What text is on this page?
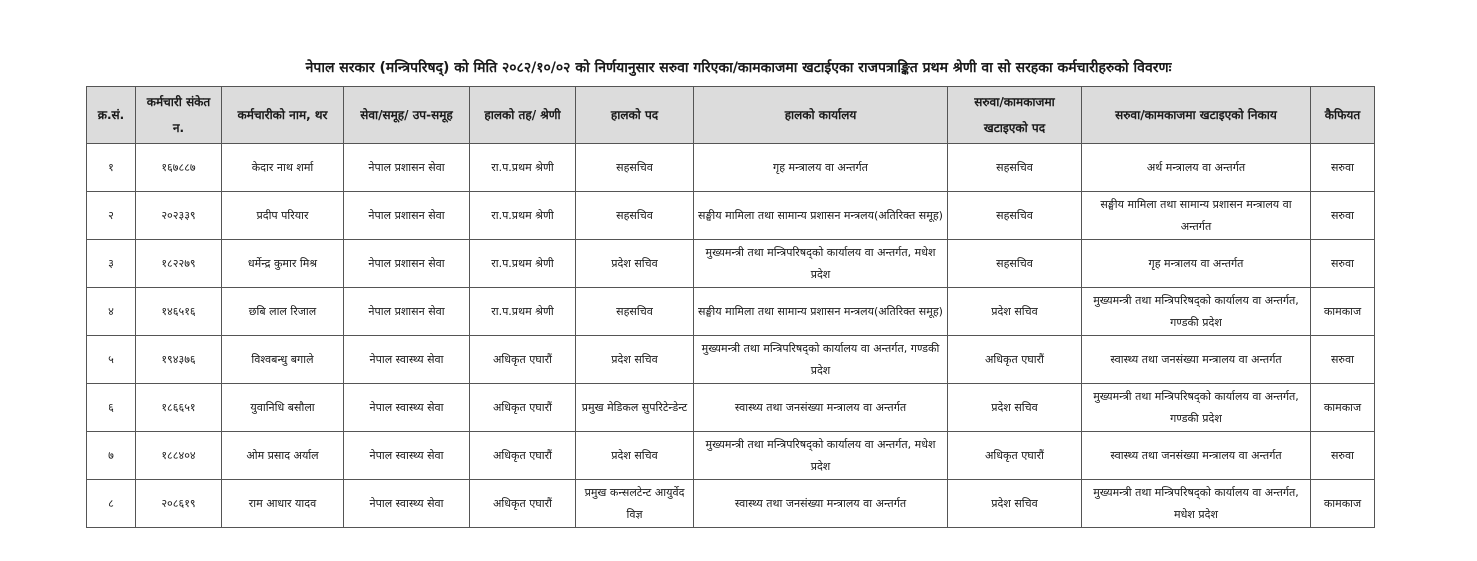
नेपाल सरकार (मन्त्रिपरिषद्) को मिति २०८२/१०/०२ को निर्णयानुसार सरुवा गरिएका/कामकाजमा खटाईएका राजपत्राङ्कित प्रथम श्रेणी वा सो सरहका कर्मचारीहरुको विवरणः
क्र.सं.	कर्मचारी संकेत न.	कर्मचारीको नाम, थर	सेवा/समूह/ उप-समूह	हालको तह/ श्रेणी	हालको पद	हालको कार्यालय	सरुवा/कामकाजमा खटाइएको पद	सरुवा/कामकाजमा खटाइएको निकाय	कैफियत
१	१६७८८७	केदार नाथ शर्मा	नेपाल प्रशासन सेवा	रा.प.प्रथम श्रेणी	सहसचिव	गृह मन्त्रालय वा अन्तर्गत	सहसचिव	अर्थ मन्त्रालय वा अन्तर्गत	सरुवा
२	२०२३३९	प्रदीप परियार	नेपाल प्रशासन सेवा	रा.प.प्रथम श्रेणी	सहसचिव	सङ्घीय मामिला तथा सामान्य प्रशासन मन्त्रलय(अतिरिक्त समूह)	सहसचिव	सङ्घीय मामिला तथा सामान्य प्रशासन मन्त्रालय वा अन्तर्गत	सरुवा
३	१८२२७९	धर्मेन्द्र कुमार मिश्र	नेपाल प्रशासन सेवा	रा.प.प्रथम श्रेणी	प्रदेश सचिव	मुख्यमन्त्री तथा मन्त्रिपरिषद्को कार्यालय वा अन्तर्गत, मधेश प्रदेश	सहसचिव	गृह मन्त्रालय वा अन्तर्गत	सरुवा
४	१४६५१६	छबि लाल रिजाल	नेपाल प्रशासन सेवा	रा.प.प्रथम श्रेणी	सहसचिव	सङ्घीय मामिला तथा सामान्य प्रशासन मन्त्रलय(अतिरिक्त समूह)	प्रदेश सचिव	मुख्यमन्त्री तथा मन्त्रिपरिषद्को कार्यालय वा अन्तर्गत, गण्डकी प्रदेश	कामकाज
५	१९४३७६	विश्वबन्धु बगाले	नेपाल स्वास्थ्य सेवा	अधिकृत एघारौं	प्रदेश सचिव	मुख्यमन्त्री तथा मन्त्रिपरिषद्को कार्यालय वा अन्तर्गत, गण्डकी प्रदेश	अधिकृत एघारौं	स्वास्थ्य तथा जनसंख्या मन्त्रालय वा अन्तर्गत	सरुवा
६	१८६६५१	युवानिधि बसौला	नेपाल स्वास्थ्य सेवा	अधिकृत एघारौं	प्रमुख मेडिकल सुपरिटेन्डेन्ट	स्वास्थ्य तथा जनसंख्या मन्त्रालय वा अन्तर्गत	प्रदेश सचिव	मुख्यमन्त्री तथा मन्त्रिपरिषद्को कार्यालय वा अन्तर्गत, गण्डकी प्रदेश	कामकाज
७	१८८४०४	ओम प्रसाद अर्याल	नेपाल स्वास्थ्य सेवा	अधिकृत एघारौं	प्रदेश सचिव	मुख्यमन्त्री तथा मन्त्रिपरिषद्को कार्यालय वा अन्तर्गत, मधेश प्रदेश	अधिकृत एघारौं	स्वास्थ्य तथा जनसंख्या मन्त्रालय वा अन्तर्गत	सरुवा
८	२०८६१९	राम आधार यादव	नेपाल स्वास्थ्य सेवा	अधिकृत एघारौं	प्रमुख कन्सलटेन्ट आयुर्वेद विज्ञ	स्वास्थ्य तथा जनसंख्या मन्त्रालय वा अन्तर्गत	प्रदेश सचिव	मुख्यमन्त्री तथा मन्त्रिपरिषद्को कार्यालय वा अन्तर्गत, मधेश प्रदेश	कामकाज
